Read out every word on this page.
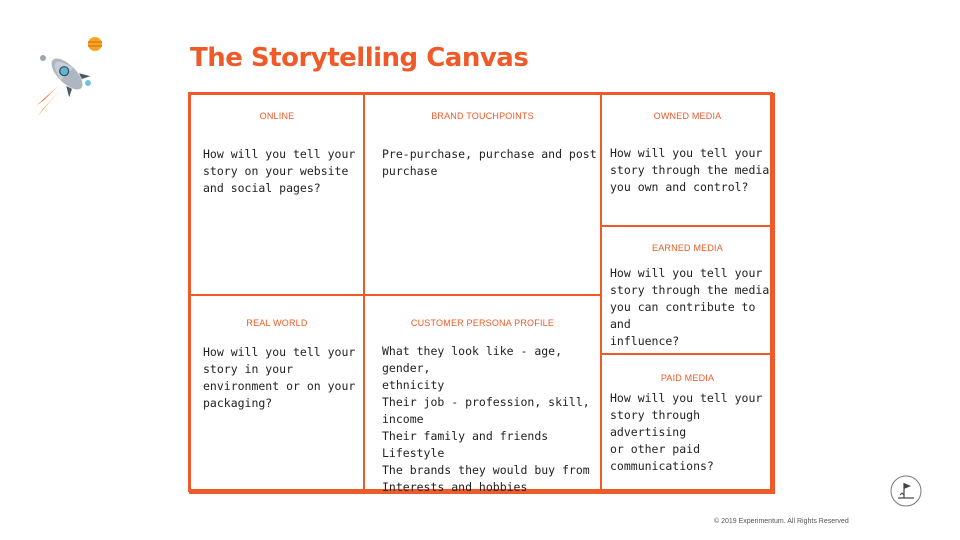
The Storytelling Canvas
ONLINE
How will you tell your
story on your website
and social pages?
BRAND TOUCHPOINTS
Pre-purchase, purchase and post
purchase
OWNED MEDIA
How will you tell your
story through the media
you own and control?
EARNED MEDIA
How will you tell your
story through the media
you can contribute to and
influence?
REAL WORLD
How will you tell your
story in your
environment or on your
packaging?
CUSTOMER PERSONA PROFILE
What they look like - age, gender,
ethnicity
Their job - profession, skill, income
Their family and friends
Lifestyle
The brands they would buy from
Interests and hobbies
PAID MEDIA
How will you tell your
story through advertising
or other paid
communications?
© 2019 Experimentum. All Rights Reserved
